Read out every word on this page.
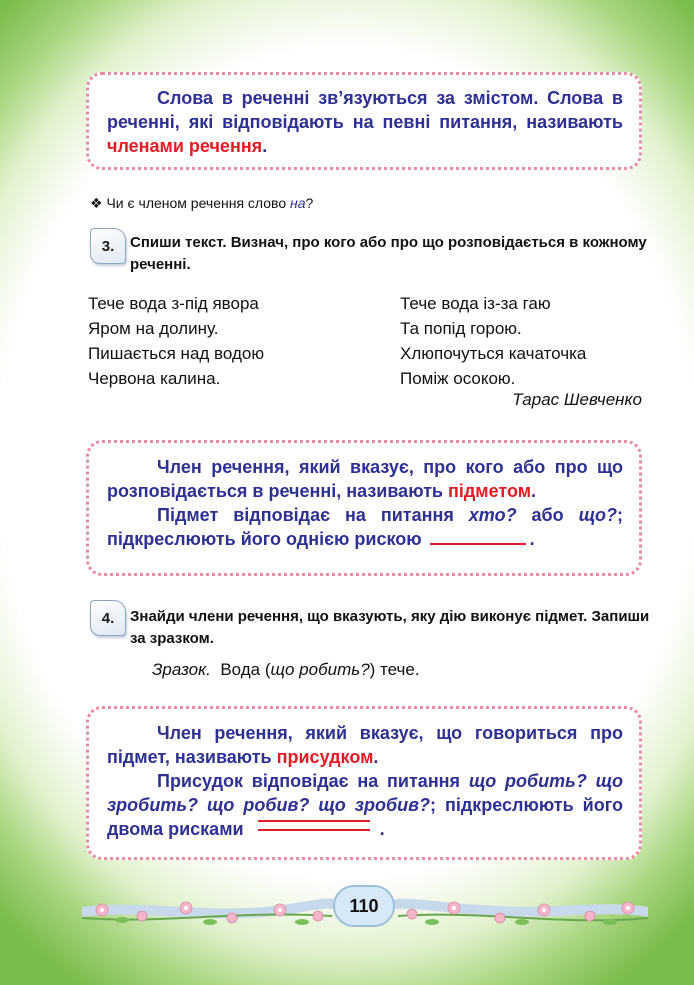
Слова в реченні зв’язуються за змістом. Слова в реченні, які відповідають на певні питання, називають членами речення.

❖ Чи є членом речення слово на?
3. Спиши текст. Визнач, про кого або про що розповідається в кожному реченні.
Тече вода з-під явора
Яром на долину.
Пишається над водою
Червона калина.
Тече вода із-за гаю
Та попід горою.
Хлюпочуться качаточка
Поміж осокою.
Тарас Шевченко

Член речення, який вказує, про кого або про що розповідається в реченні, називають підметом.

Підмет відповідає на питання хто? або що?; підкреслюють його однією рискою	.

4. Знайди члени речення, що вказують, яку дію виконує підмет. Запиши за зразком.
Зразок. Вода (що робить?) тече.

Член речення, який вказує, що говориться про підмет, називають присудком.

Присудок відповідає на питання що робить? що зробить? що робив? що зробив?; підкреслюють його двома рисками	.

110
